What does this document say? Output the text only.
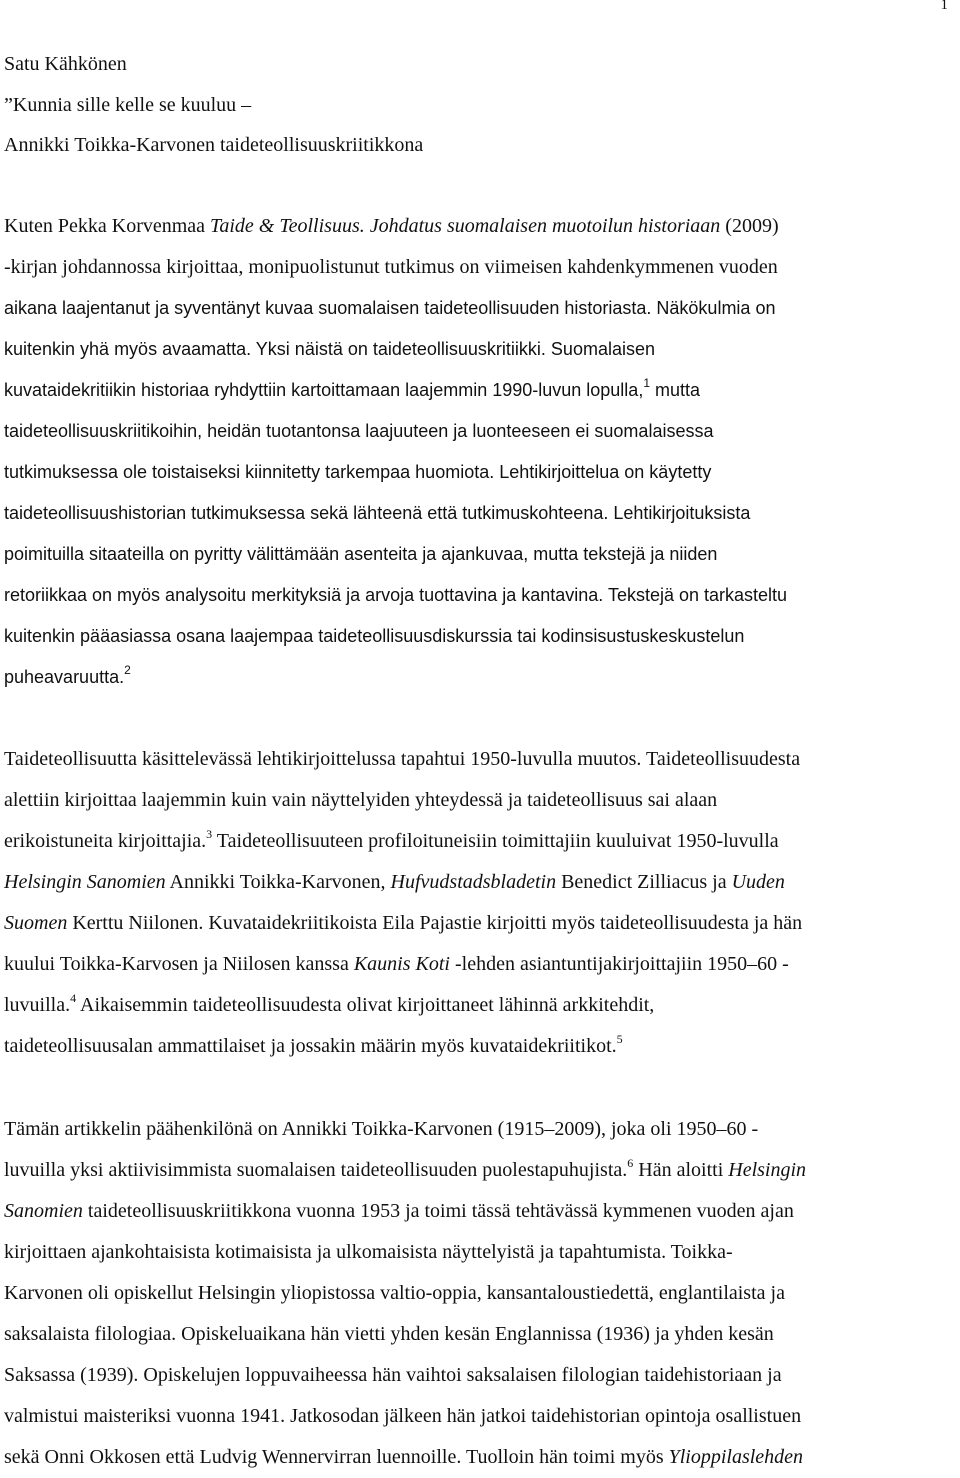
1
Satu Kähkönen
”Kunnia sille kelle se kuuluu –
Annikki Toikka-Karvonen taideteollisuuskriitikkona
Kuten Pekka Korvenmaa Taide & Teollisuus. Johdatus suomalaisen muotoilun historiaan (2009)
-kirjan johdannossa kirjoittaa, monipuolistunut tutkimus on viimeisen kahdenkymmenen vuoden
aikana laajentanut ja syventänyt kuvaa suomalaisen taideteollisuuden historiasta. Näkökulmia on
kuitenkin yhä myös avaamatta. Yksi näistä on taideteollisuuskritiikki. Suomalaisen
kuvataidekritiikin historiaa ryhdyttiin kartoittamaan laajemmin 1990-luvun lopulla,$^1$ mutta
taideteollisuuskriitikoihin, heidän tuotantonsa laajuuteen ja luonteeseen ei suomalaisessa
tutkimuksessa ole toistaiseksi kiinnitetty tarkempaa huomiota. Lehtikirjoittelua on käytetty
taideteollisuushistorian tutkimuksessa sekä lähteenä että tutkimuskohteena. Lehtikirjoituksista
poimituilla sitaateilla on pyritty välittämään asenteita ja ajankuvaa, mutta tekstejä ja niiden
retoriikkaa on myös analysoitu merkityksiä ja arvoja tuottavina ja kantavina. Tekstejä on tarkasteltu
kuitenkin pääasiassa osana laajempaa taideteollisuusdiskurssia tai kodinsisustuskeskustelun
puheavaruutta.$^2$
Taideteollisuutta käsittelevässä lehtikirjoittelussa tapahtui 1950-luvulla muutos. Taideteollisuudesta
alettiin kirjoittaa laajemmin kuin vain näyttelyiden yhteydessä ja taideteollisuus sai alaan
erikoistuneita kirjoittajia.$^3$ Taideteollisuuteen profiloituneisiin toimittajiin kuuluivat 1950-luvulla
Helsingin Sanomien Annikki Toikka-Karvonen, Hufvudstadsbladetin Benedict Zilliacus ja Uuden
Suomen Kerttu Niilonen. Kuvataidekriitikoista Eila Pajastie kirjoitti myös taideteollisuudesta ja hän
kuului Toikka-Karvosen ja Niilosen kanssa Kaunis Koti -lehden asiantuntijakirjoittajiin 1950–60 -
luvuilla.$^4$ Aikaisemmin taideteollisuudesta olivat kirjoittaneet lähinnä arkkitehdit,
taideteollisuusalan ammattilaiset ja jossakin määrin myös kuvataidekriitikot.$^5$
Tämän artikkelin päähenkilönä on Annikki Toikka-Karvonen (1915–2009), joka oli 1950–60 -
luvuilla yksi aktiivisimmista suomalaisen taideteollisuuden puolestapuhujista.$^6$ Hän aloitti Helsingin
Sanomien taideteollisuuskriitikkona vuonna 1953 ja toimi tässä tehtävässä kymmenen vuoden ajan
kirjoittaen ajankohtaisista kotimaisista ja ulkomaisista näyttelyistä ja tapahtumista. Toikka-
Karvonen oli opiskellut Helsingin yliopistossa valtio-oppia, kansantaloustiedettä, englantilaista ja
saksalaista filologiaa. Opiskeluaikana hän vietti yhden kesän Englannissa (1936) ja yhden kesän
Saksassa (1939). Opiskelujen loppuvaiheessa hän vaihtoi saksalaisen filologian taidehistoriaan ja
valmistui maisteriksi vuonna 1941. Jatkosodan jälkeen hän jatkoi taidehistorian opintoja osallistuen
sekä Onni Okkosen että Ludvig Wennervirran luennoille. Tuolloin hän toimi myös Ylioppilaslehden
